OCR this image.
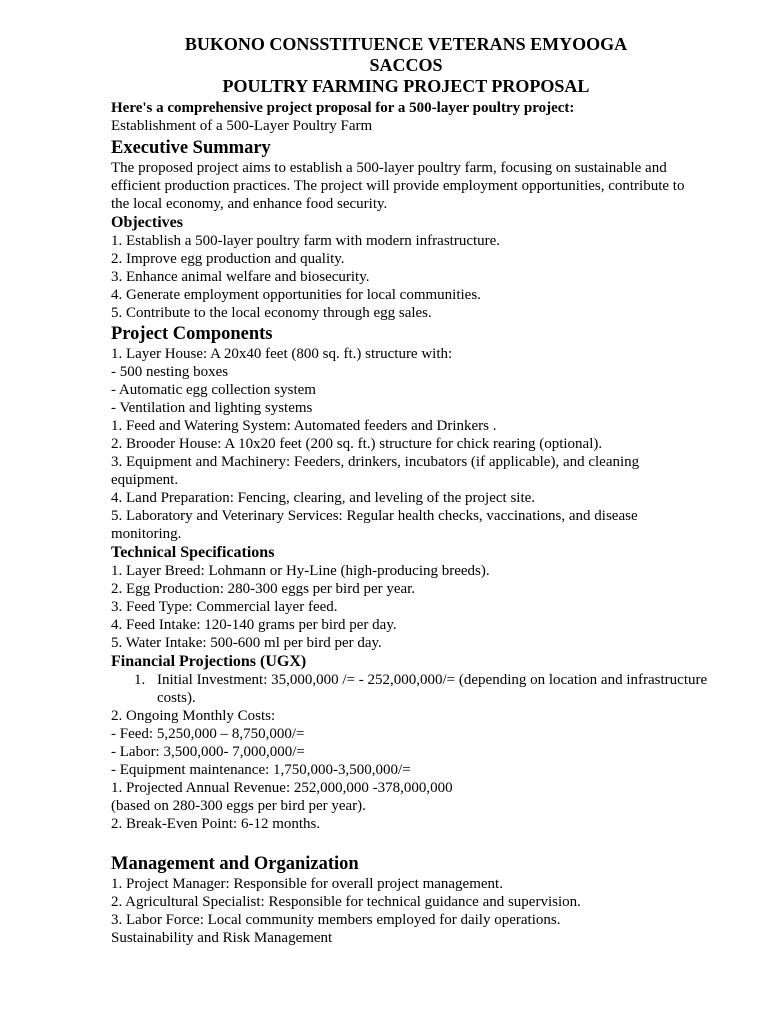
BUKONO CONSSTITUENCE VETERANS EMYOOGA
SACCOS
POULTRY FARMING PROJECT PROPOSAL

Here's a comprehensive project proposal for a 500-layer poultry project:

Establishment of a 500-Layer Poultry Farm

Executive Summary

The proposed project aims to establish a 500-layer poultry farm, focusing on sustainable and efficient production practices. The project will provide employment opportunities, contribute to the local economy, and enhance food security.

Objectives

1. Establish a 500-layer poultry farm with modern infrastructure.

2. Improve egg production and quality.

3. Enhance animal welfare and biosecurity.

4. Generate employment opportunities for local communities.

5. Contribute to the local economy through egg sales.

Project Components

1. Layer House: A 20x40 feet (800 sq. ft.) structure with:

- 500 nesting boxes

- Automatic egg collection system

- Ventilation and lighting systems

1. Feed and Watering System: Automated feeders and Drinkers .

2. Brooder House: A 10x20 feet (200 sq. ft.) structure for chick rearing (optional).

3. Equipment and Machinery: Feeders, drinkers, incubators (if applicable), and cleaning equipment.

4. Land Preparation: Fencing, clearing, and leveling of the project site.

5. Laboratory and Veterinary Services: Regular health checks, vaccinations, and disease monitoring.

Technical Specifications

1. Layer Breed: Lohmann or Hy-Line (high-producing breeds).

2. Egg Production: 280-300 eggs per bird per year.

3. Feed Type: Commercial layer feed.

4. Feed Intake: 120-140 grams per bird per day.

5. Water Intake: 500-600 ml per bird per day.

Financial Projections (UGX)

1. Initial Investment: 35,000,000 /= - 252,000,000/= (depending on location and infrastructure costs).

2. Ongoing Monthly Costs:

- Feed: 5,250,000 – 8,750,000/=

- Labor: 3,500,000- 7,000,000/=

- Equipment maintenance: 1,750,000-3,500,000/=

1. Projected Annual Revenue: 252,000,000 -378,000,000

(based on 280-300 eggs per bird per year).

2. Break-Even Point: 6-12 months.

Management and Organization

1. Project Manager: Responsible for overall project management.

2. Agricultural Specialist: Responsible for technical guidance and supervision.

3. Labor Force: Local community members employed for daily operations.

Sustainability and Risk Management
